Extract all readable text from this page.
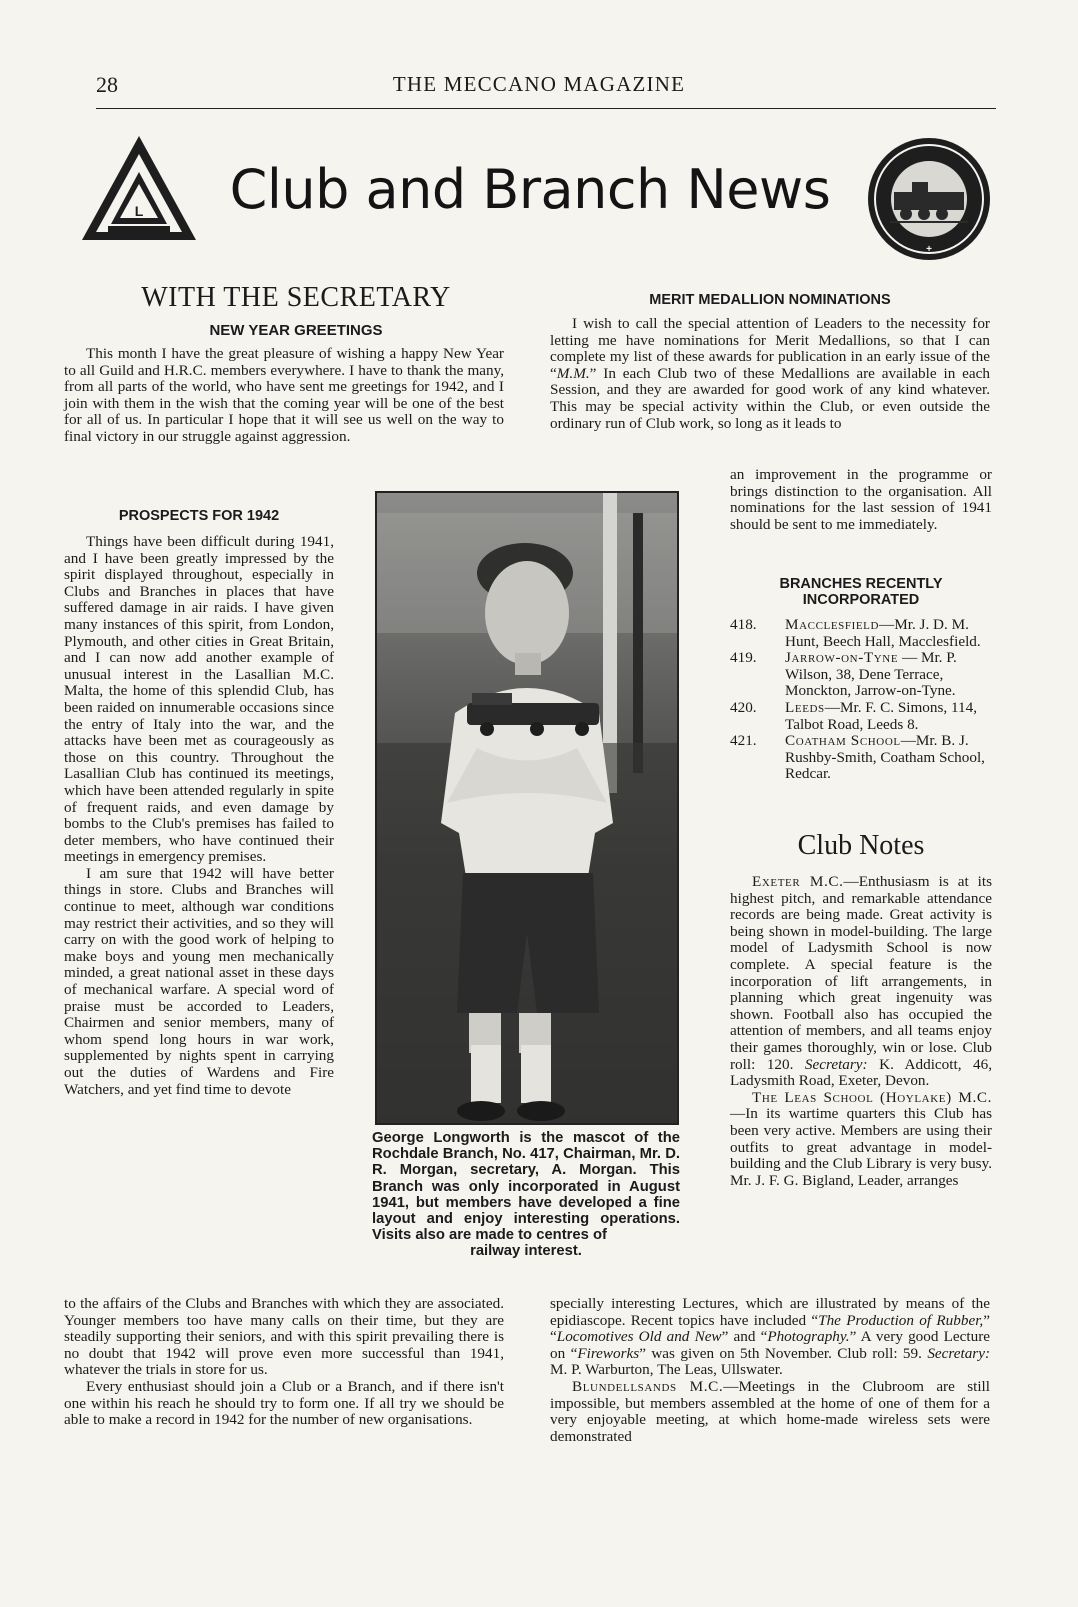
28	THE MECCANO MAGAZINE
L	Club and Branch News
+
WITH THE SECRETARY
NEW YEAR GREETINGS

This month I have the great pleasure of wishing a happy New Year to all Guild and H.R.C. members everywhere. I have to thank the many, from all parts of the world, who have sent me greetings for 1942, and I join with them in the wish that the coming year will be one of the best for all of us. In particular I hope that it will see us well on the way to final victory in our struggle against aggression.

PROSPECTS FOR 1942

Things have been difficult during 1941, and I have been greatly impressed by the spirit displayed throughout, especially in Clubs and Branches in places that have suffered damage in air raids. I have given many instances of this spirit, from London, Plymouth, and other cities in Great Britain, and I can now add another example of unusual interest in the Lasallian M.C. Malta, the home of this splendid Club, has been raided on innumerable occasions since the entry of Italy into the war, and the attacks have been met as courageously as those on this country. Throughout the Lasallian Club has continued its meetings, which have been attended regularly in spite of frequent raids, and even damage by bombs to the Club's premises has failed to deter members, who have continued their meetings in emergency premises.

I am sure that 1942 will have better things in store. Clubs and Branches will continue to meet, although war conditions may restrict their activities, and so they will carry on with the good work of helping to make boys and young men mechanically minded, a great national asset in these days of mechanical warfare. A special word of praise must be accorded to Leaders, Chairmen and senior members, many of whom spend long hours in war work, supplemented by nights spent in carrying out the duties of Wardens and Fire Watchers, and yet find time to devote

to the affairs of the Clubs and Branches with which they are associated. Younger members too have many calls on their time, but they are steadily supporting their seniors, and with this spirit prevailing there is no doubt that 1942 will prove even more successful than 1941, whatever the trials in store for us.

Every enthusiast should join a Club or a Branch, and if there isn't one within his reach he should try to form one. If all try we should be able to make a record in 1942 for the number of new organisations.

George Longworth is the mascot of the Rochdale Branch, No. 417, Chairman, Mr. D. R. Morgan, secretary, A. Morgan. This Branch was only incorporated in August 1941, but members have developed a fine layout and enjoy interesting operations. Visits also are made to centres of
railway interest.
MERIT MEDALLION NOMINATIONS

I wish to call the special attention of Leaders to the necessity for letting me have nominations for Merit Medallions, so that I can complete my list of these awards for publication in an early issue of the “M.M.” In each Club two of these Medallions are available in each Session, and they are awarded for good work of any kind whatever. This may be special activity within the Club, or even outside the ordinary run of Club work, so long as it leads to

an improvement in the programme or brings distinction to the organisation. All nominations for the last session of 1941 should be sent to me immediately.

BRANCHES RECENTLY INCORPORATED
418. Macclesfield—Mr. J. D. M. Hunt, Beech Hall, Macclesfield.
419. Jarrow-on-Tyne — Mr. P. Wilson, 38, Dene Terrace, Monckton, Jarrow-on-Tyne.
420. Leeds—Mr. F. C. Simons, 114, Talbot Road, Leeds 8.
421. Coatham School—Mr. B. J. Rushby-Smith, Coatham School, Redcar.
Club Notes

Exeter M.C.—Enthusiasm is at its highest pitch, and remarkable attendance records are being made. Great activity is being shown in model-building. The large model of Ladysmith School is now complete. A special feature is the incorporation of lift arrangements, in planning which great ingenuity was shown. Football also has occupied the attention of members, and all teams enjoy their games thoroughly, win or lose. Club roll: 120. Secretary: K. Addicott, 46, Ladysmith Road, Exeter, Devon.

The Leas School (Hoylake) M.C.—In its wartime quarters this Club has been very active. Members are using their outfits to great advantage in model-building and the Club Library is very busy. Mr. J. F. G. Bigland, Leader, arranges

specially interesting Lectures, which are illustrated by means of the epidiascope. Recent topics have included “The Production of Rubber,” “Locomotives Old and New” and “Photography.” A very good Lecture on “Fireworks” was given on 5th November. Club roll: 59. Secretary: M. P. Warburton, The Leas, Ullswater.

Blundellsands M.C.—Meetings in the Clubroom are still impossible, but members assembled at the home of one of them for a very enjoyable meeting, at which home-made wireless sets were demonstrated
